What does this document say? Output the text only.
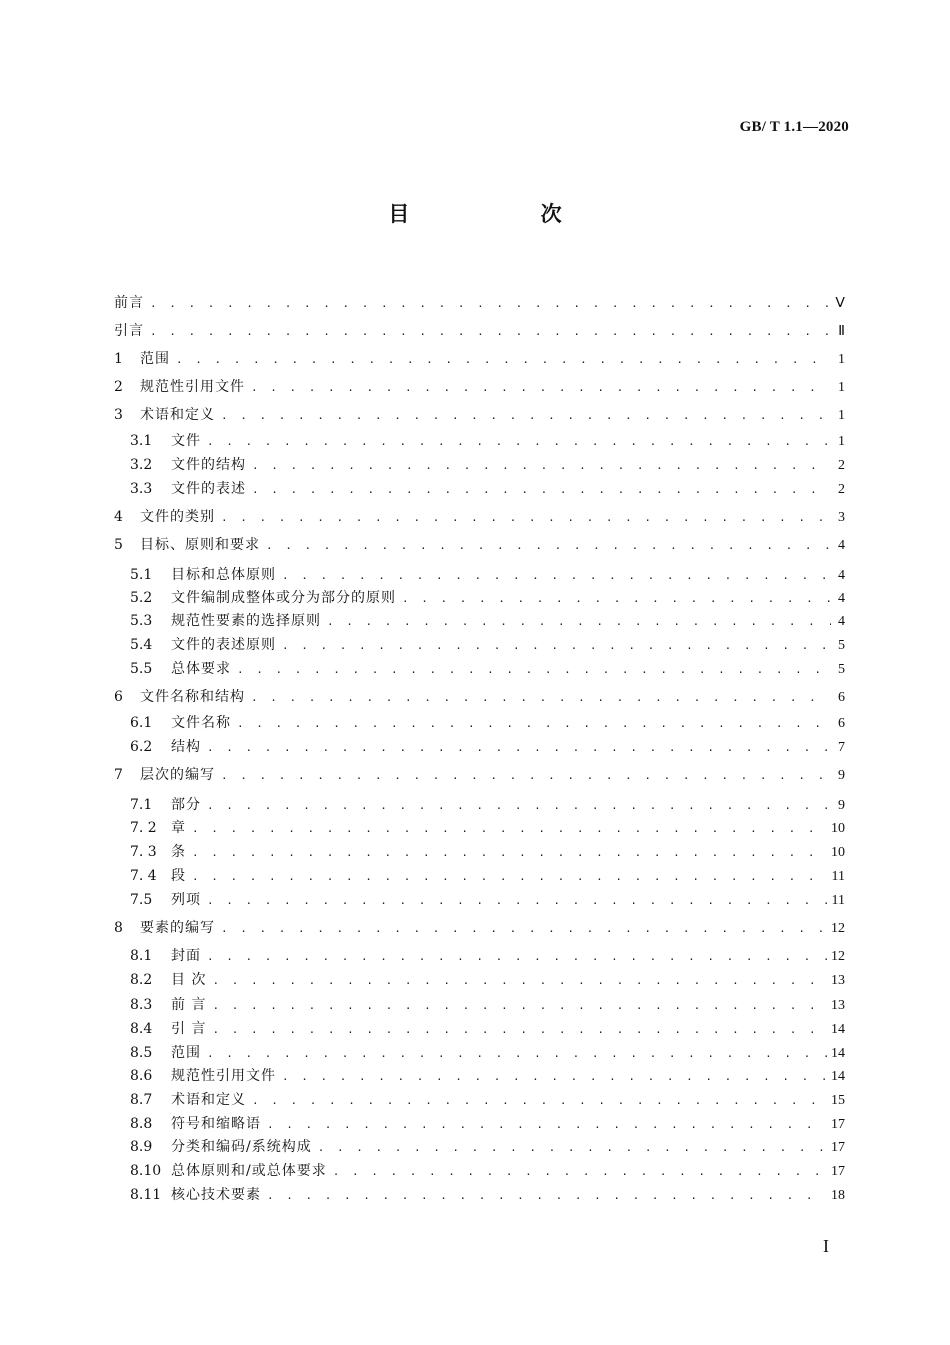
GB/ T 1.1—2020
目 次
前言 . . .	Ⅴ
引言 . . .	Ⅱ
1	范围 . . .	1
2	规范性引用文件 . . .	1
3	术语和定义 . . .	1
3.1	文件 . . .	1
3.2	文件的结构 . . .	2
3.3	文件的表述 . . .	2
4	文件的类别 . . .	3
5	目标、原则和要求 . . .	4
5.1	目标和总体原则 . . .	4
5.2	文件编制成整体或分为部分的原则 . . .	4
5.3	规范性要素的选择原则 . . .	4
5.4	文件的表述原则 . . .	5
5.5	总体要求 . . .	5
6	文件名称和结构 . . .	6
6.1	文件名称 . . .	6
6.2	结构 . . .	7
7	层次的编写 . . .	9
7.1	部分 . . .	9
7. 2	章 . . .	10
7. 3	条 . . .	10
7. 4	段 . . .	11
7.5	列项 . . .	11
8	要素的编写 . . .	12
8.1	封面 . . .	12
8.2	目 次 . . .	13
8.3	前 言 . . .	13
8.4	引 言 . . .	14
8.5	范围 . . .	14
8.6	规范性引用文件 . . .	14
8.7	术语和定义 . . .	15
8.8	符号和缩略语 . . .	17
8.9	分类和编码/系统构成 . . .	17
8.10 总体原则和/或总体要求 . . .	17
8.11 核心技术要素 . . .	18
I
